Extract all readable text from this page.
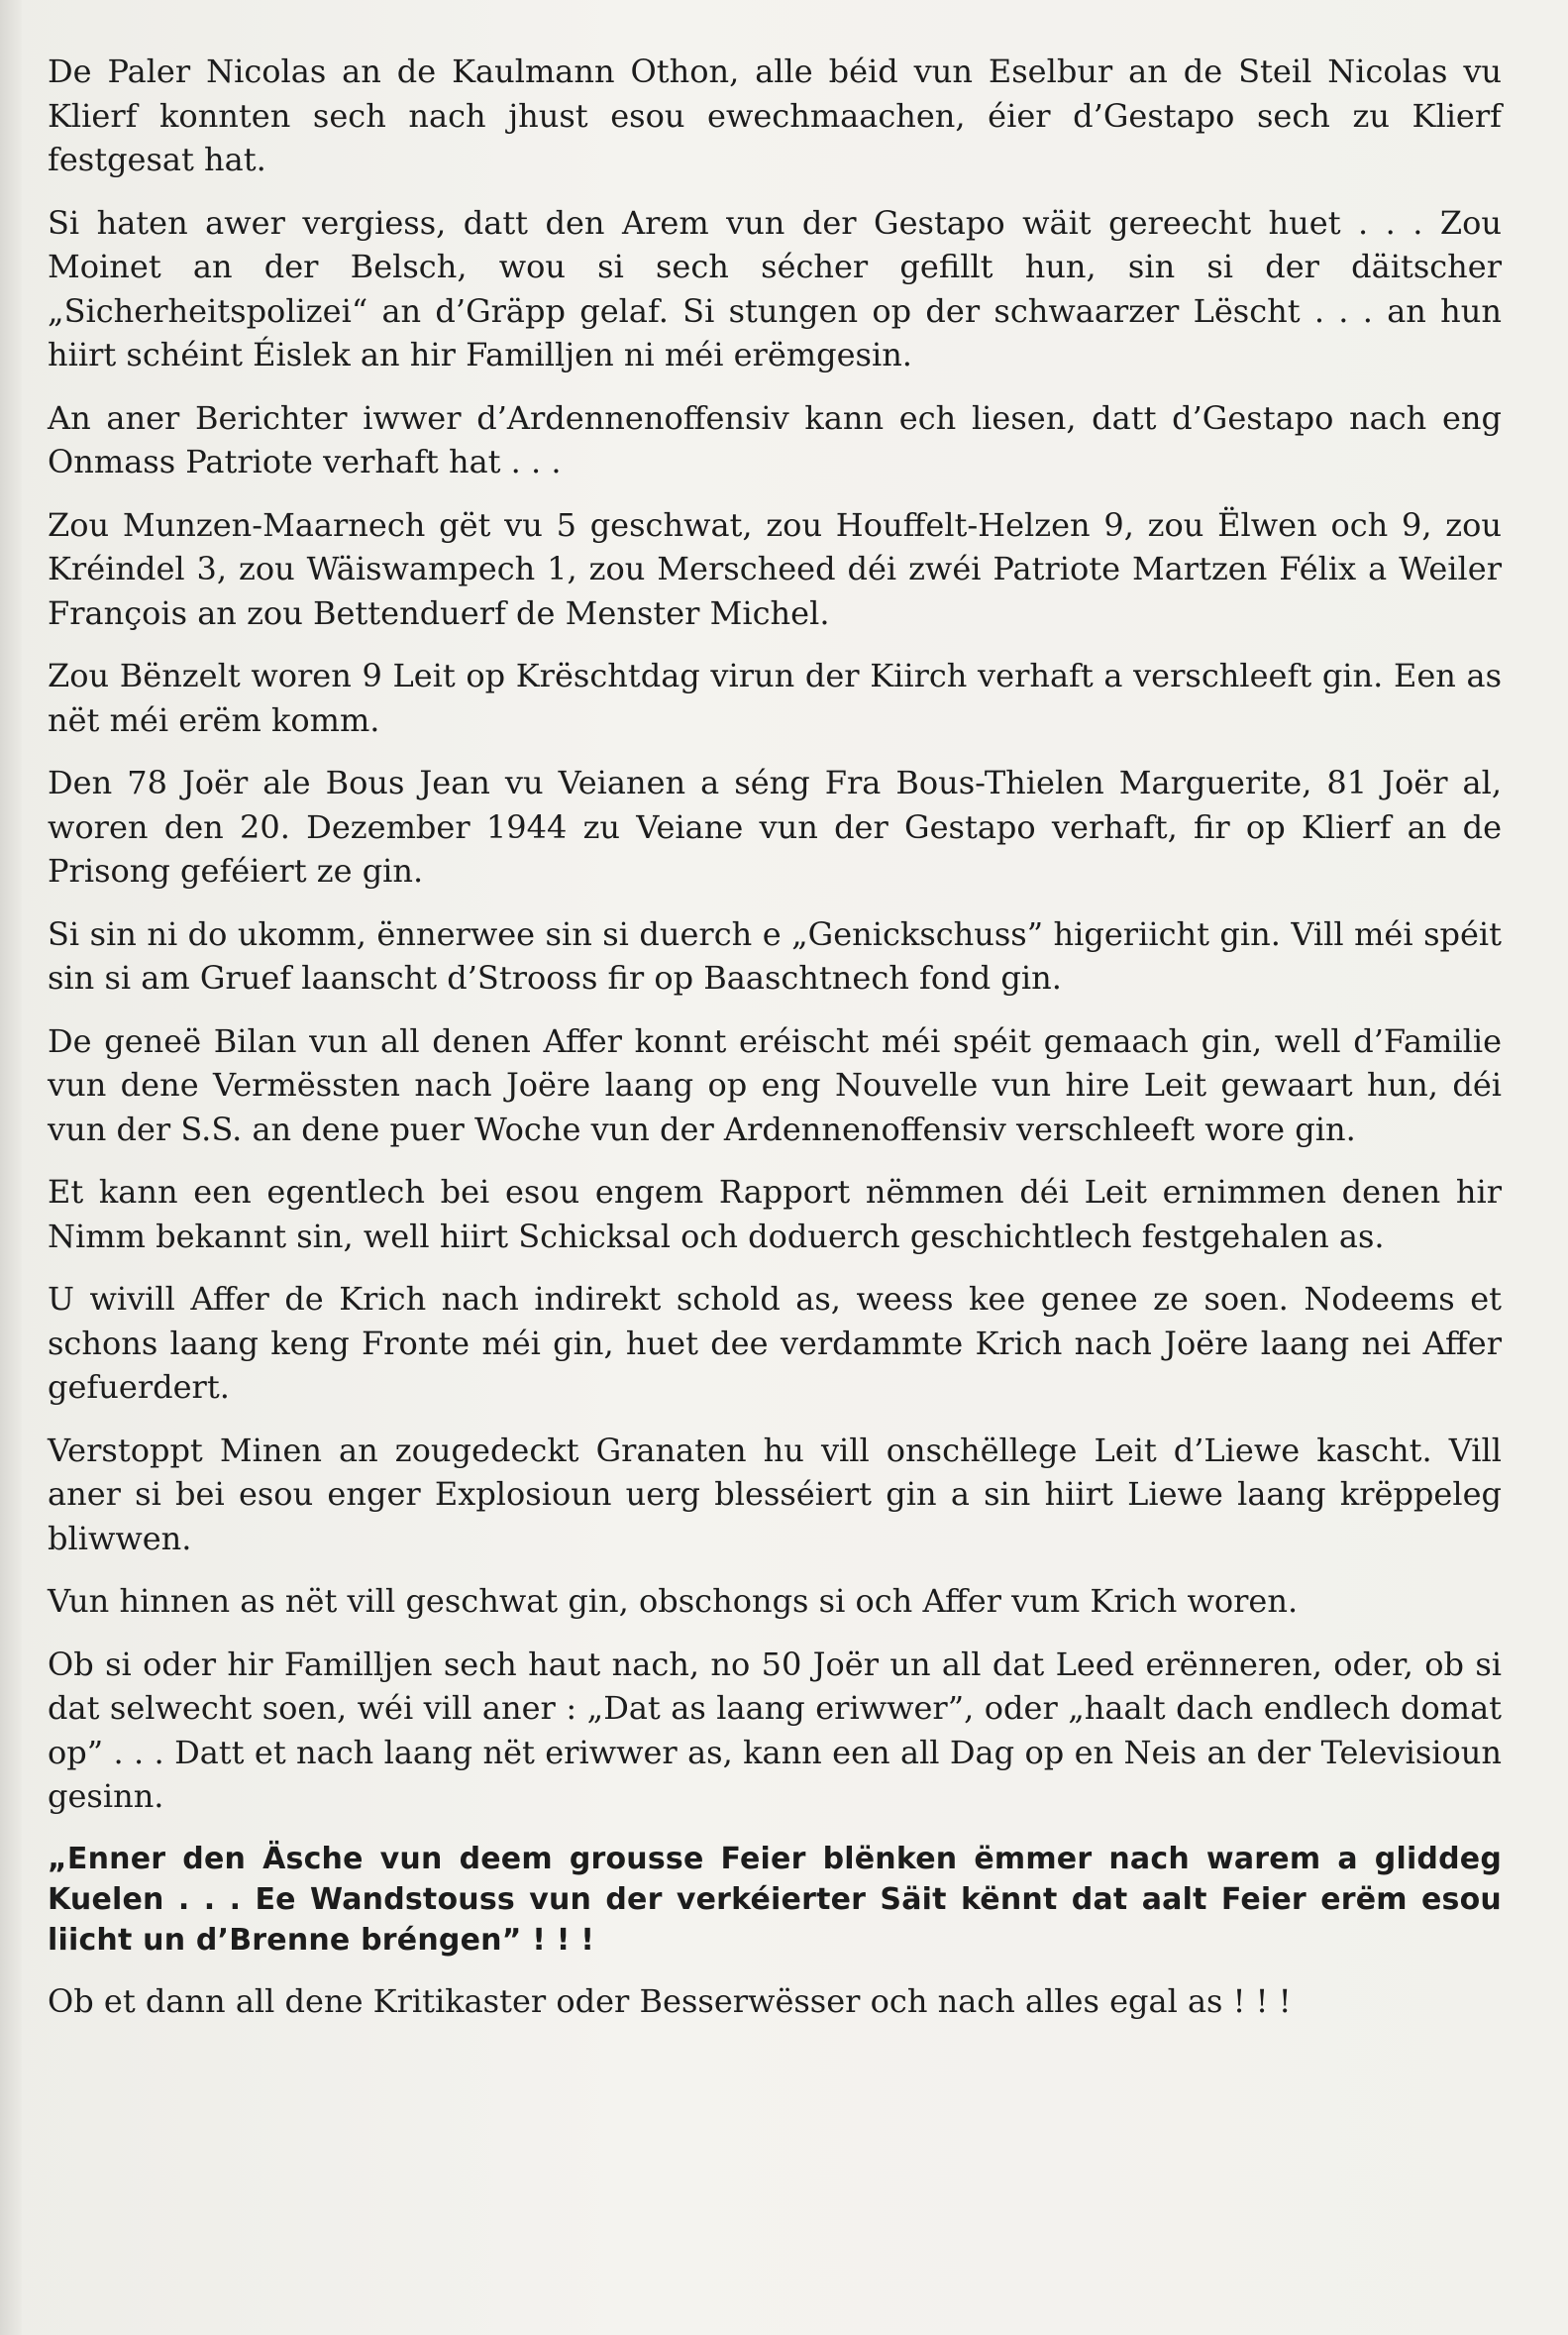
De Paler Nicolas an de Kaulmann Othon, alle béid vun Eselbur an de Steil Nicolas vu Klierf konnten sech nach jhust esou ewechmaachen, éier d’Gestapo sech zu Klierf festgesat hat.

Si haten awer vergiess, datt den Arem vun der Gestapo wäit gereecht huet . . . Zou Moinet an der Belsch, wou si sech sécher gefillt hun, sin si der däitscher „Sicherheitspolizei“ an d’Gräpp gelaf. Si stungen op der schwaarzer Lëscht . . . an hun hiirt schéint Éislek an hir Familljen ni méi erëmgesin.

An aner Berichter iwwer d’Ardennenoffensiv kann ech liesen, datt d’Gestapo nach eng Onmass Patriote verhaft hat . . .

Zou Munzen-Maarnech gët vu 5 geschwat, zou Houffelt-Helzen 9, zou Ëlwen och 9, zou Kréindel 3, zou Wäiswampech 1, zou Merscheed déi zwéi Patriote Martzen Félix a Weiler François an zou Bettenduerf de Menster Michel.

Zou Bënzelt woren 9 Leit op Krëschtdag virun der Kiirch verhaft a verschleeft gin. Een as nët méi erëm komm.

Den 78 Joër ale Bous Jean vu Veianen a séng Fra Bous-Thielen Marguerite, 81 Joër al, woren den 20. Dezember 1944 zu Veiane vun der Gestapo verhaft, fir op Klierf an de Prisong geféiert ze gin.

Si sin ni do ukomm, ënnerwee sin si duerch e „Genickschuss” higeriicht gin. Vill méi spéit sin si am Gruef laanscht d’Strooss fir op Baaschtnech fond gin.

De geneë Bilan vun all denen Affer konnt eréischt méi spéit gemaach gin, well d’Familie vun dene Vermëssten nach Joëre laang op eng Nouvelle vun hire Leit gewaart hun, déi vun der S.S. an dene puer Woche vun der Ardennenoffensiv verschleeft wore gin.

Et kann een egentlech bei esou engem Rapport nëmmen déi Leit ernimmen denen hir Nimm bekannt sin, well hiirt Schicksal och doduerch geschichtlech festgehalen as.

U wivill Affer de Krich nach indirekt schold as, weess kee genee ze soen. Nodeems et schons laang keng Fronte méi gin, huet dee verdammte Krich nach Joëre laang nei Affer gefuerdert.

Verstoppt Minen an zougedeckt Granaten hu vill onschëllege Leit d’Liewe kascht. Vill aner si bei esou enger Explosioun uerg blesséiert gin a sin hiirt Liewe laang krëppeleg bliwwen.

Vun hinnen as nët vill geschwat gin, obschongs si och Affer vum Krich woren.

Ob si oder hir Familljen sech haut nach, no 50 Joër un all dat Leed erënneren, oder, ob si dat selwecht soen, wéi vill aner : „Dat as laang eriwwer”, oder „haalt dach endlech domat op” . . . Datt et nach laang nët eriwwer as, kann een all Dag op en Neis an der Televisioun gesinn.

„Enner den Äsche vun deem grousse Feier blënken ëmmer nach warem a gliddeg Kuelen . . . Ee Wandstouss vun der verkéierter Säit kënnt dat aalt Feier erëm esou liicht un d’Brenne bréngen” ! ! !

Ob et dann all dene Kritikaster oder Besserwësser och nach alles egal as ! ! !
